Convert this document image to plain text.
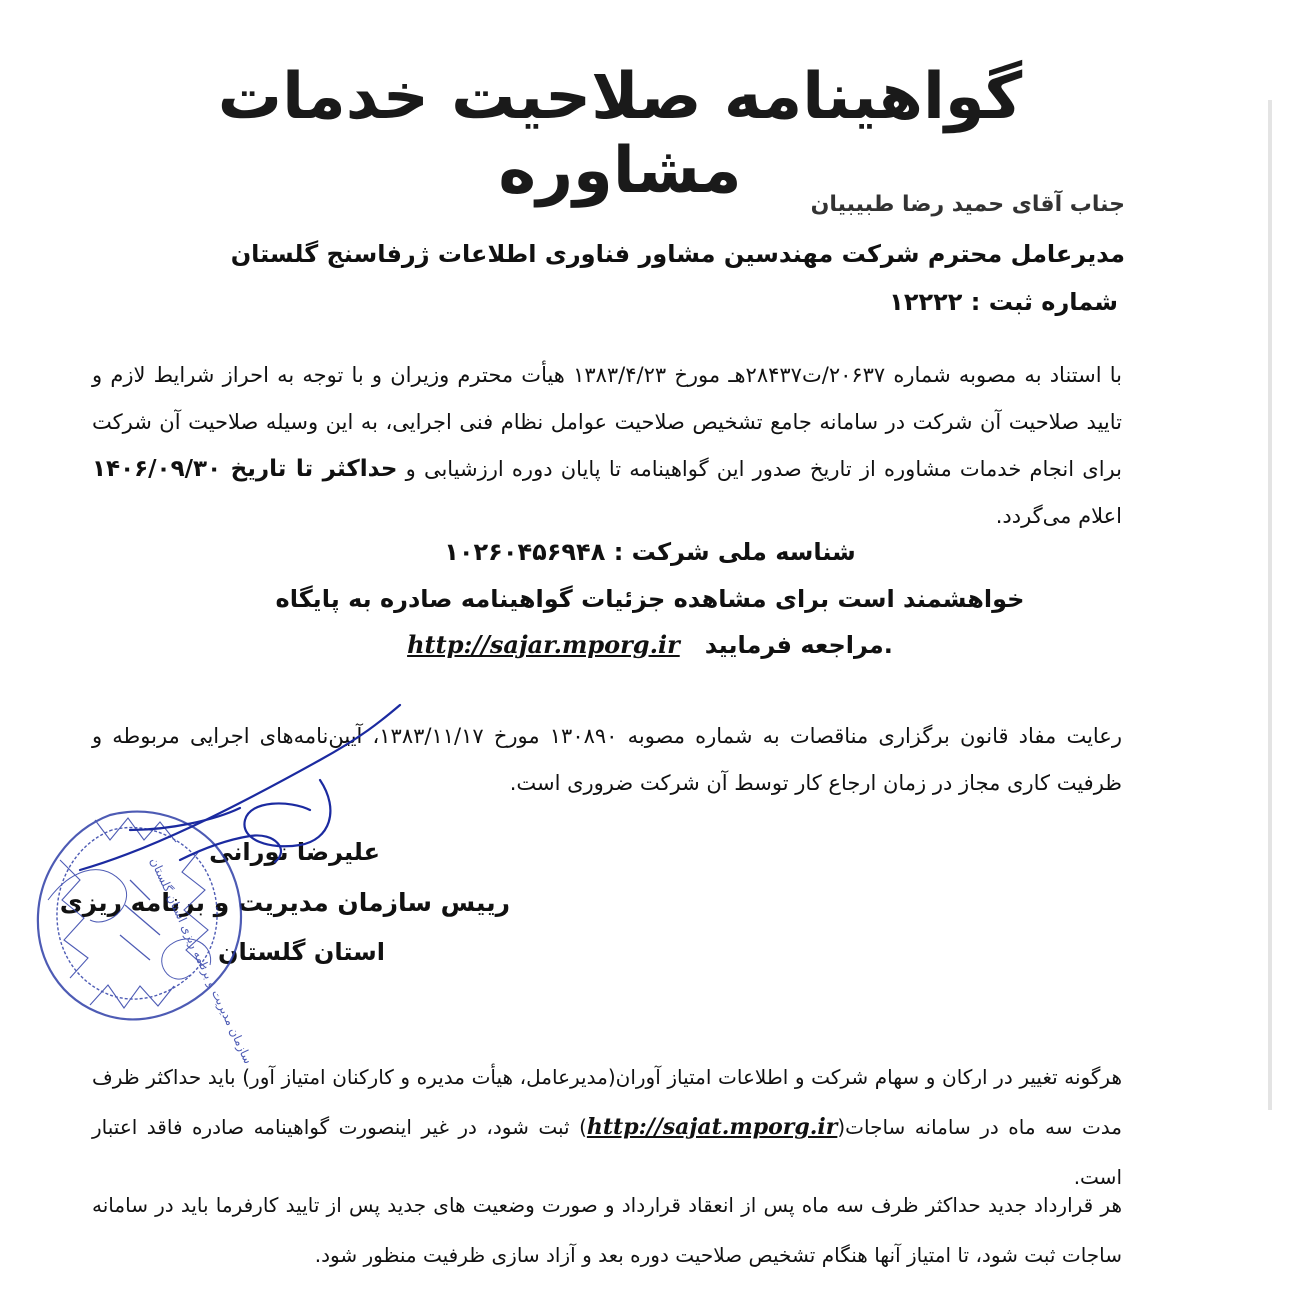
گواهینامه صلاحیت خدمات مشاوره	جناب آقای حمید رضا طبیبیان
مدیرعامل محترم شرکت مهندسین مشاور فناوری اطلاعات ژرفاسنج گلستان
شماره ثبت : ۱۲۲۲۲
با استناد به مصوبه شماره ۲۰۶۳۷/ت۲۸۴۳۷هـ مورخ ۱۳۸۳/۴/۲۳ هیأت محترم وزیران و با توجه به احراز شرایط لازم و تایید صلاحیت آن شرکت در سامانه جامع تشخیص صلاحیت عوامل نظام فنی اجرایی، به این وسیله صلاحیت آن شرکت برای انجام خدمات مشاوره از تاریخ صدور این گواهینامه تا پایان دوره ارزشیابی و حداکثر تا تاریخ ۱۴۰۶/۰۹/۳۰ اعلام می‌گردد.
شناسه ملی شرکت : ۱۰۲۶۰۴۵۶۹۴۸
خواهشمند است برای مشاهده جزئیات گواهینامه صادره به پایگاه
http://sajar.mporg.ir مراجعه فرمایید.
رعایت مفاد قانون برگزاری مناقصات به شماره مصوبه ۱۳۰۸۹۰ مورخ ۱۳۸۳/۱۱/۱۷، آیین‌نامه‌های اجرایی مربوطه و ظرفیت کاری مجاز در زمان ارجاع کار توسط آن شرکت ضروری است.
علیرضا نورانی
رییس سازمان مدیریت و برنامه ریزی
استان گلستان
هرگونه تغییر در ارکان و سهام شرکت و اطلاعات امتیاز آوران(مدیرعامل، هیأت مدیره و کارکنان امتیاز آور) باید حداکثر ظرف مدت سه ماه در سامانه ساجات(http://sajat.mporg.ir) ثبت شود، در غیر اینصورت گواهینامه صادره فاقد اعتبار است.
هر قرارداد جدید حداکثر ظرف سه ماه پس از انعقاد قرارداد و صورت وضعیت های جدید پس از تایید کارفرما باید در سامانه ساجات ثبت شود، تا امتیاز آنها هنگام تشخیص صلاحیت دوره بعد و آزاد سازی ظرفیت منظور شود.
سازمان مدیریت و برنامه ریزی استان گلستان
